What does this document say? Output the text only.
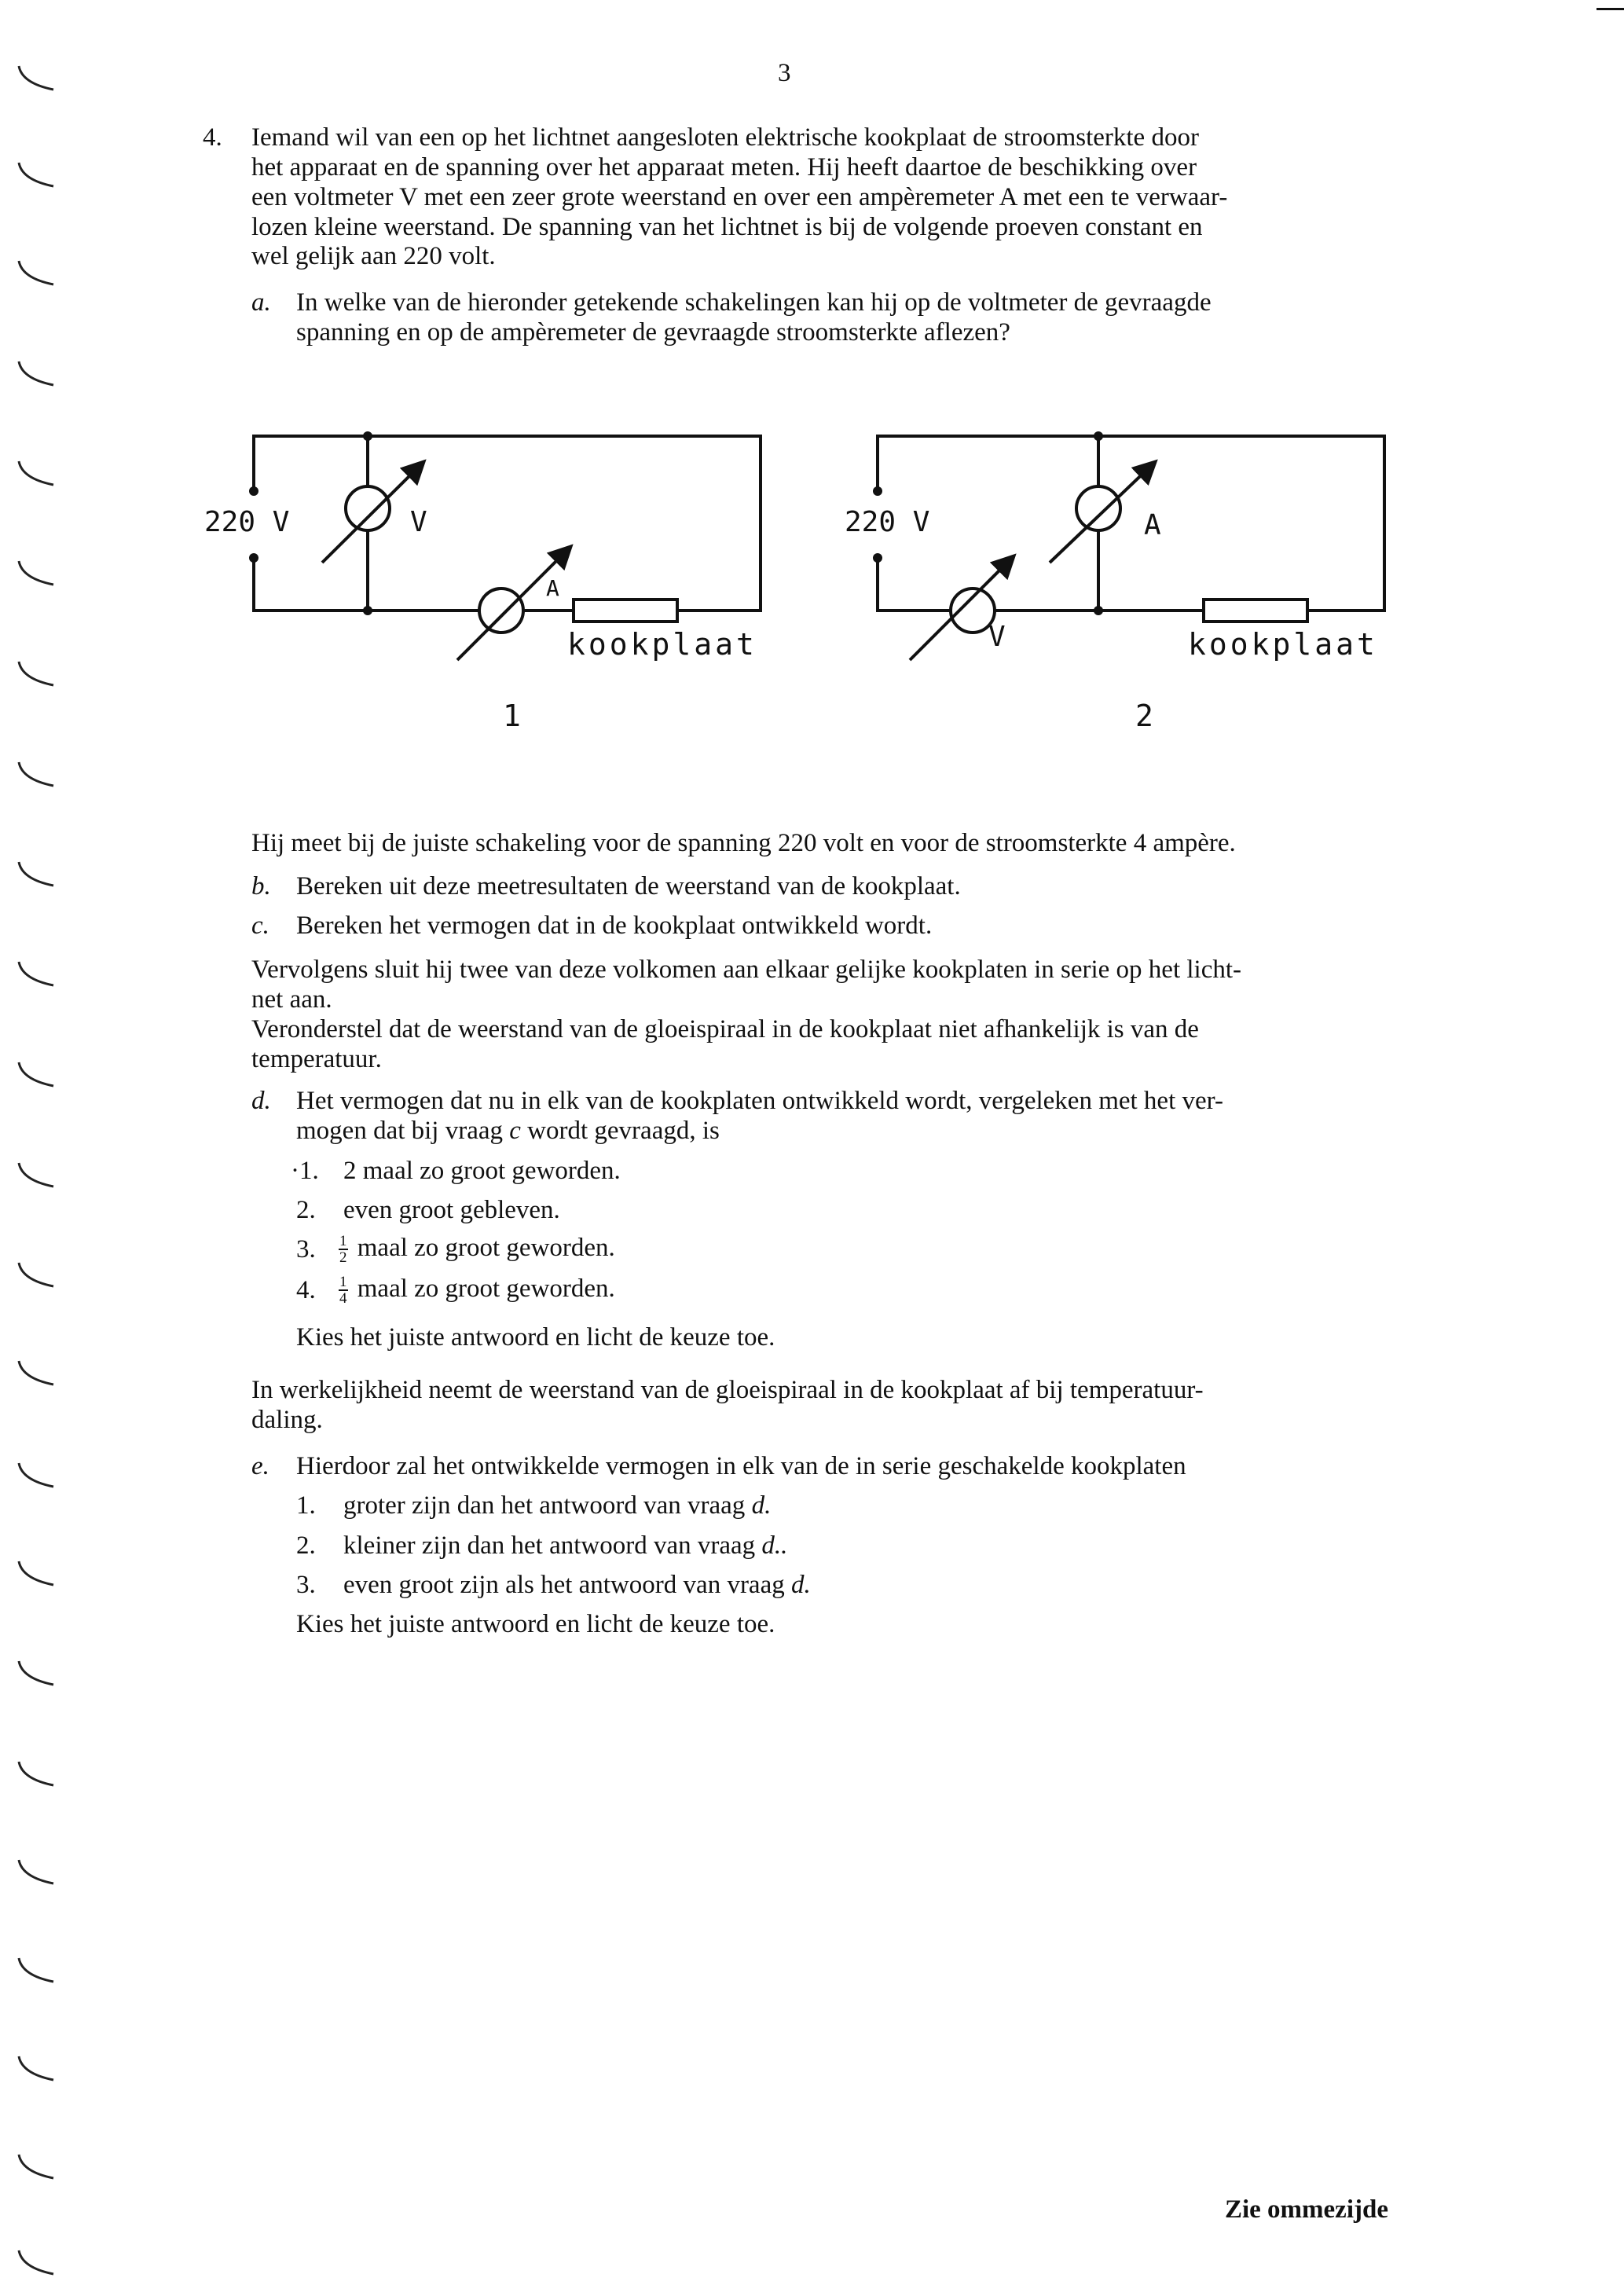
3
4. Iemand wil van een op het lichtnet aangesloten elektrische kookplaat de stroomsterkte door
het apparaat en de spanning over het apparaat meten. Hij heeft daartoe de beschikking over
een voltmeter V met een zeer grote weerstand en over een ampèremeter A met een te verwaar-
lozen kleine weerstand. De spanning van het lichtnet is bij de volgende proeven constant en
wel gelijk aan 220 volt.
a. In welke van de hieronder getekende schakelingen kan hij op de voltmeter de gevraagde
spanning en op de ampèremeter de gevraagde stroomsterkte aflezen?
220 V	V
A
kookplaat
1
220 V	A
V	kookplaat
2
Hij meet bij de juiste schakeling voor de spanning 220 volt en voor de stroomsterkte 4 ampère.
b. Bereken uit deze meetresultaten de weerstand van de kookplaat.
c. Bereken het vermogen dat in de kookplaat ontwikkeld wordt.
Vervolgens sluit hij twee van deze volkomen aan elkaar gelijke kookplaten in serie op het licht-
net aan.
Veronderstel dat de weerstand van de gloeispiraal in de kookplaat niet afhankelijk is van de
temperatuur.
d. Het vermogen dat nu in elk van de kookplaten ontwikkeld wordt, vergeleken met het ver-
mogen dat bij vraag c wordt gevraagd, is
·1. 2 maal zo groot geworden.
2. even groot gebleven.
3. $\frac{1}{2}$ maal zo groot geworden.
4. $\frac{1}{4}$ maal zo groot geworden.
Kies het juiste antwoord en licht de keuze toe.
In werkelijkheid neemt de weerstand van de gloeispiraal in de kookplaat af bij temperatuur-
daling.
e. Hierdoor zal het ontwikkelde vermogen in elk van de in serie geschakelde kookplaten
1. groter zijn dan het antwoord van vraag d.
2. kleiner zijn dan het antwoord van vraag d..
3. even groot zijn als het antwoord van vraag d.
Kies het juiste antwoord en licht de keuze toe.
Zie ommezijde
